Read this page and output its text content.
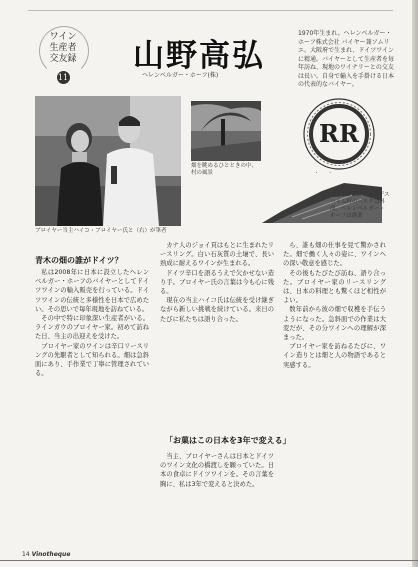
ワイン
生産者
交友録
11
山野高弘
ヘレンベルガー・ホーフ(株)
1970年生まれ。ヘレンベルガー・ホーフ株式会社 バイヤー兼ソムリエ。大阪府で生まれ、ドイツワインに精通。バイヤーとして生産者を毎年訪ね、現地のワイナリーとの交友は長い。自身で輸入を手掛ける日本の代表的なバイヤー。
ブロイヤー当主ハイコ・ブロイヤー氏と（右）が筆者
畑を眺めるひとときの中、村の風景
RR
ラインガウ、リューデスハイム村のベルク急斜面。ヘレンベルガー・ホーフは創業
青木の畑の誰がドイツ？

私は2008年に日本に設立したヘレンベルガー・ホーフのバイヤーとしてドイツワインの輸入販売を行っている。ドイツワインの伝統と多様性を日本で広めたい。その思いで毎年現地を訪ねている。

その中で特に印象深い生産者がいる。ラインガウのブロイヤー家。初めて訪ねた日、当主の出迎えを受けた。

ブロイヤー家のワインは辛口リースリングの先駆者として知られる。畑は急斜面にあり、手作業で丁寧に管理されている。

カナ人のジョイ頁はもとに生まれたリースリング。白い石灰質の土壌で、長い熟成に耐えるワインが生まれる。

ドイツ辛口を語るうえで欠かせない造り手。ブロイヤー氏の言葉は今も心に残る。

現在の当主ハイコ氏は伝統を受け継ぎながら新しい挑戦を続けている。来日のたびに私たちは語り合った。

「お菓はこの日本を3年で変える」

当主、ブロイヤーさんは日本とドイツのワイン文化の橋渡しを願っていた。日本の食卓にドイツワインを。その言葉を胸に、私は3年で変えると決めた。

ら、誰も畑の仕事を見て驚かされた。畑で働く人々の姿に、ワインへの深い敬意を感じた。

その後もたびたび訪ね、語り合った。ブロイヤー家のリースリングは、日本の料理とも驚くほど相性がよい。

数年前から彼の畑で収穫を手伝うようになった。急斜面での作業は大変だが、その分ワインへの理解が深まった。

ブロイヤー家を訪ねるたびに、ワイン造りとは畑と人の物語であると実感する。

14 Vinotheque
